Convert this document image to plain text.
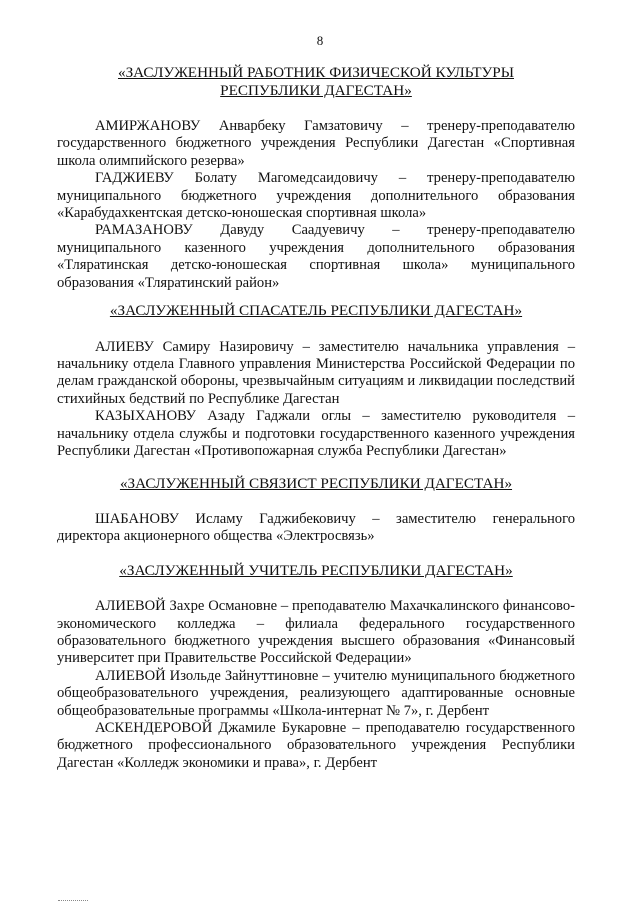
8

«ЗАСЛУЖЕННЫЙ РАБОТНИК ФИЗИЧЕСКОЙ КУЛЬТУРЫ

РЕСПУБЛИКИ ДАГЕСТАН»

АМИРЖАНОВУ Анварбеку Гамзатовичу – тренеру-преподавателю государственного бюджетного учреждения Республики Дагестан «Спортивная школа олимпийского резерва»

ГАДЖИЕВУ Болату Магомедсаидовичу – тренеру-преподавателю муниципального бюджетного учреждения дополнительного образования «Карабудахкентская детско-юношеская спортивная школа»

РАМАЗАНОВУ Давуду Саадуевичу – тренеру-преподавателю муниципального казенного учреждения дополнительного образования «Тляратинская детско-юношеская спортивная школа» муниципального образования «Тляратинский район»

«ЗАСЛУЖЕННЫЙ СПАСАТЕЛЬ РЕСПУБЛИКИ ДАГЕСТАН»

АЛИЕВУ Самиру Назировичу – заместителю начальника управления – начальнику отдела Главного управления Министерства Российской Федерации по делам гражданской обороны, чрезвычайным ситуациям и ликвидации последствий стихийных бедствий по Республике Дагестан

КАЗЫХАНОВУ Азаду Гаджали оглы – заместителю руководителя – начальнику отдела службы и подготовки государственного казенного учреждения Республики Дагестан «Противопожарная служба Республики Дагестан»

«ЗАСЛУЖЕННЫЙ СВЯЗИСТ РЕСПУБЛИКИ ДАГЕСТАН»

ШАБАНОВУ Исламу Гаджибековичу – заместителю генерального директора акционерного общества «Электросвязь»

«ЗАСЛУЖЕННЫЙ УЧИТЕЛЬ РЕСПУБЛИКИ ДАГЕСТАН»

АЛИЕВОЙ Захре Османовне – преподавателю Махачкалинского финансово-экономического колледжа – филиала федерального государственного образовательного бюджетного учреждения высшего образования «Финансовый университет при Правительстве Российской Федерации»

АЛИЕВОЙ Изольде Зайнуттиновне – учителю муниципального бюджетного общеобразовательного учреждения, реализующего адаптированные основные общеобразовательные программы «Школа-интернат № 7», г. Дербент

АСКЕНДЕРОВОЙ Джамиле Букаровне – преподавателю государственного бюджетного профессионального образовательного учреждения Республики Дагестан «Колледж экономики и права», г. Дербент
